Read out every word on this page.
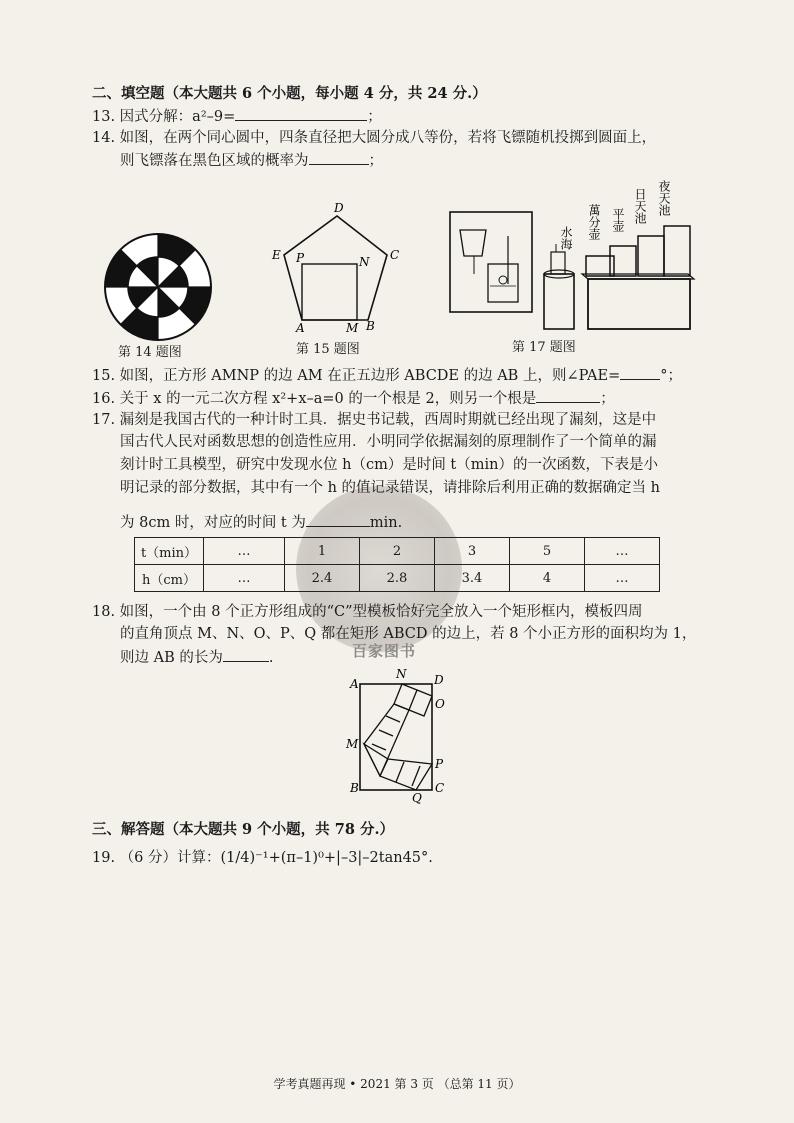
百家图书
二、填空题（本大题共 6 个小题，每小题 4 分，共 24 分.）
13. 因式分解：a²–9=	；
14. 如图，在两个同心圆中，四条直径把大圆分成八等份，若将飞镖随机投掷到圆面上，
则飞镖落在黑色区域的概率为	；
第 14 题图
D
E	C
P	N
A	M B
第 15 题图
水海 萬分壶 平壶 日天池 夜天池
第 17 题图
15. 如图，正方形 AMNP 的边 AM 在正五边形 ABCDE 的边 AB 上，则∠PAE=	°；
16. 关于 x 的一元二次方程 x²+x–a=0 的一个根是 2，则另一个根是	；
17. 漏刻是我国古代的一种计时工具．据史书记载，西周时期就已经出现了漏刻，这是中
国古代人民对函数思想的创造性应用．小明同学依据漏刻的原理制作了一个简单的漏
刻计时工具模型，研究中发现水位 h（cm）是时间 t（min）的一次函数，下表是小
明记录的部分数据，其中有一个 h 的值记录错误，请排除后利用正确的数据确定当 h
为 8cm 时，对应的时间 t 为	min.
t（min）	…	1	2	3	5	…
h（cm）	…	2.4	2.8	3.4	4	…
18. 如图，一个由 8 个正方形组成的“C”型模板恰好完全放入一个矩形框内，模板四周
的直角顶点 M、N、O、P、Q 都在矩形 ABCD 的边上，若 8 个小正方形的面积均为 1，
则边 AB 的长为	.
A
N D
O
M
P
B
Q
C
三、解答题（本大题共 9 个小题，共 78 分.）
19. （6 分）计算：(1/4)⁻¹+(π–1)⁰+|–3|–2tan45°.
学考真题再现 • 2021 第 3 页 （总第 11 页）
